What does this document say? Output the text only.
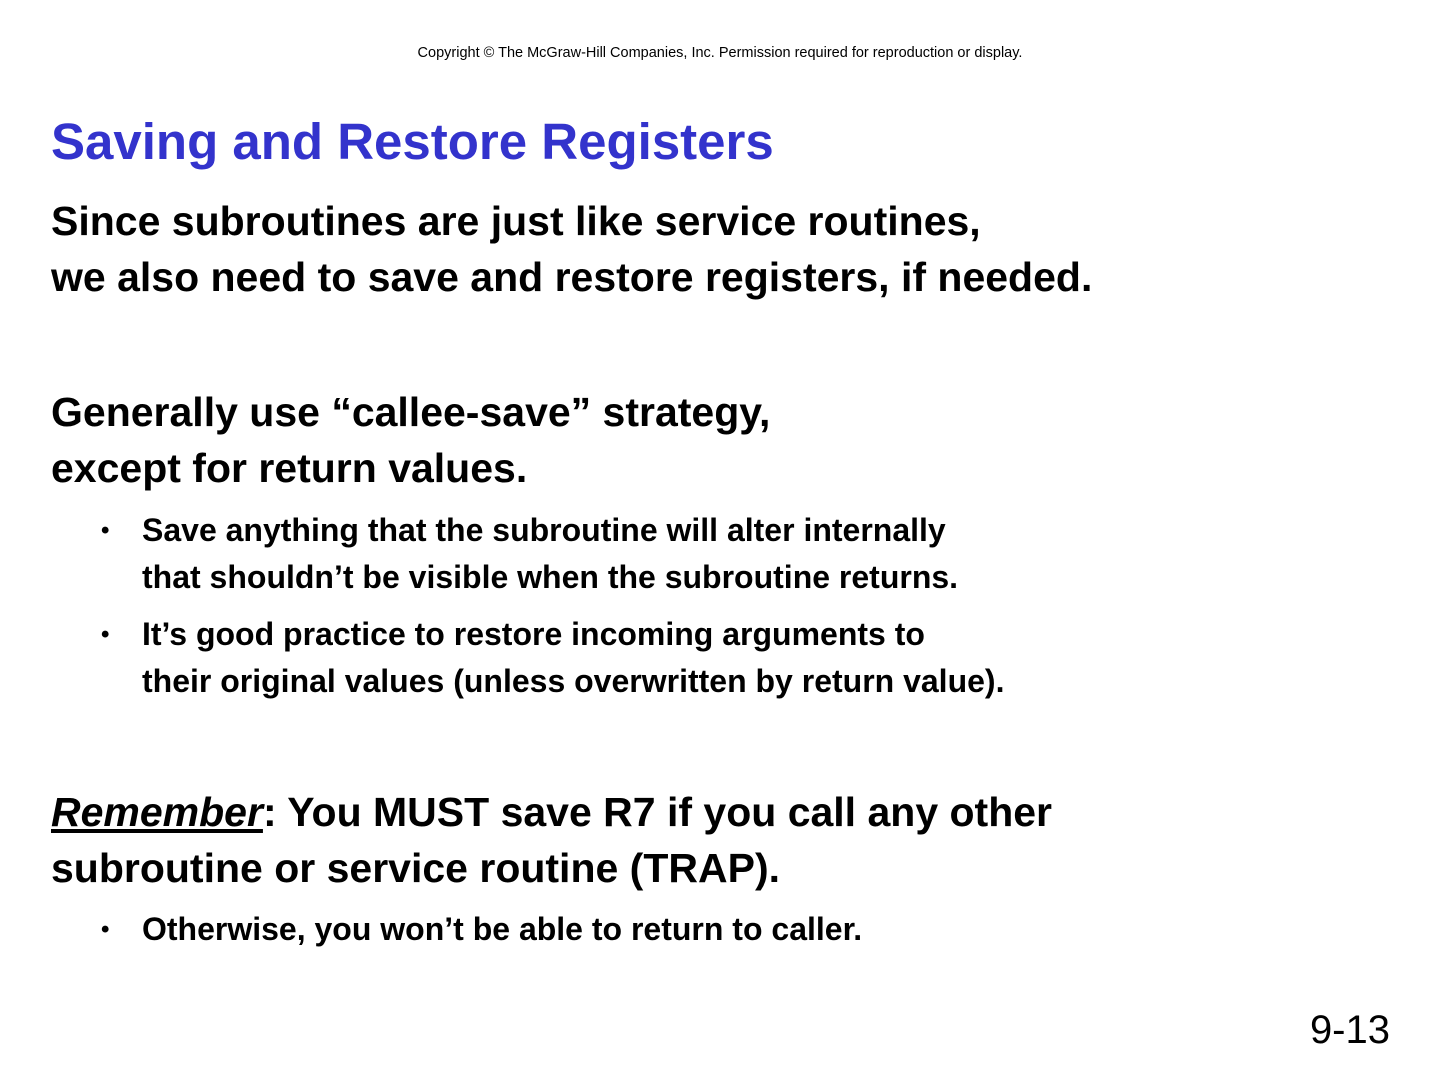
Copyright © The McGraw-Hill Companies, Inc. Permission required for reproduction or display.
Saving and Restore Registers
Since subroutines are just like service routines,
we also need to save and restore registers, if needed.
Generally use “callee-save” strategy,
except for return values.
• Save anything that the subroutine will alter internally
that shouldn’t be visible when the subroutine returns.
• It’s good practice to restore incoming arguments to
their original values (unless overwritten by return value).
Remember: You MUST save R7 if you call any other
subroutine or service routine (TRAP).
• Otherwise, you won’t be able to return to caller.
9-13
